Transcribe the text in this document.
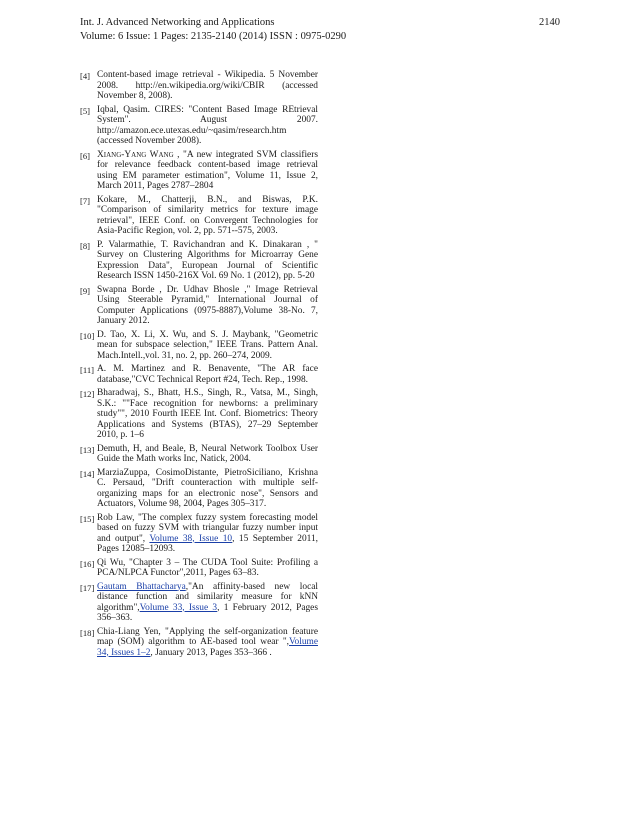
Int. J. Advanced Networking and Applications	2140
Volume: 6 Issue: 1 Pages: 2135-2140 (2014) ISSN : 0975-0290
[4] Content-based image retrieval - Wikipedia. 5 November 2008. http://en.wikipedia.org/wiki/CBIR (accessed November 8, 2008).
[5] Iqbal, Qasim. CIRES: "Content Based Image REtrieval System". August 2007. http://amazon.ece.utexas.edu/~qasim/research.htm (accessed November 2008).
[6] Xiang-Yang Wang , "A new integrated SVM classifiers for relevance feedback content-based image retrieval using EM parameter estimation", Volume 11, Issue 2, March 2011, Pages 2787–2804
[7] Kokare, M., Chatterji, B.N., and Biswas, P.K. "Comparison of similarity metrics for texture image retrieval", IEEE Conf. on Convergent Technologies for Asia-Pacific Region, vol. 2, pp. 571--575, 2003.
[8] P. Valarmathie, T. Ravichandran and K. Dinakaran , " Survey on Clustering Algorithms for Microarray Gene Expression Data", European Journal of Scientific Research ISSN 1450-216X Vol. 69 No. 1 (2012), pp. 5-20
[9] Swapna Borde , Dr. Udhav Bhosle ," Image Retrieval Using Steerable Pyramid," International Journal of Computer Applications (0975-8887),Volume 38-No. 7, January 2012.
[10] D. Tao, X. Li, X. Wu, and S. J. Maybank, "Geometric mean for subspace selection," IEEE Trans. Pattern Anal. Mach.Intell.,vol. 31, no. 2, pp. 260–274, 2009.
[11] A. M. Martinez and R. Benavente, "The AR face database,"CVC Technical Report #24, Tech. Rep., 1998.
[12] Bharadwaj, S., Bhatt, H.S., Singh, R., Vatsa, M., Singh, S.K.: ""Face recognition for newborns: a preliminary study"", 2010 Fourth IEEE Int. Conf. Biometrics: Theory Applications and Systems (BTAS), 27–29 September 2010, p. 1–6
[13] Demuth, H, and Beale, B, Neural Network Toolbox User Guide the Math works Inc, Natick, 2004.
[14] MarziaZuppa, CosimoDistante, PietroSiciliano, Krishna C. Persaud, "Drift counteraction with multiple self-organizing maps for an electronic nose", Sensors and Actuators, Volume 98, 2004, Pages 305–317.
[15] Rob Law, "The complex fuzzy system forecasting model based on fuzzy SVM with triangular fuzzy number input and output", Volume 38, Issue 10, 15 September 2011, Pages 12085–12093.
[16] Qi Wu, "Chapter 3 – The CUDA Tool Suite: Profiling a PCA/NLPCA Functor",2011, Pages 63–83.
[17] Gautam Bhattacharya,"An affinity-based new local distance function and similarity measure for kNN algorithm",Volume 33, Issue 3, 1 February 2012, Pages 356–363.
[18] Chia-Liang Yen, "Applying the self-organization feature map (SOM) algorithm to AE-based tool wear ",Volume 34, Issues 1–2, January 2013, Pages 353–366 .
